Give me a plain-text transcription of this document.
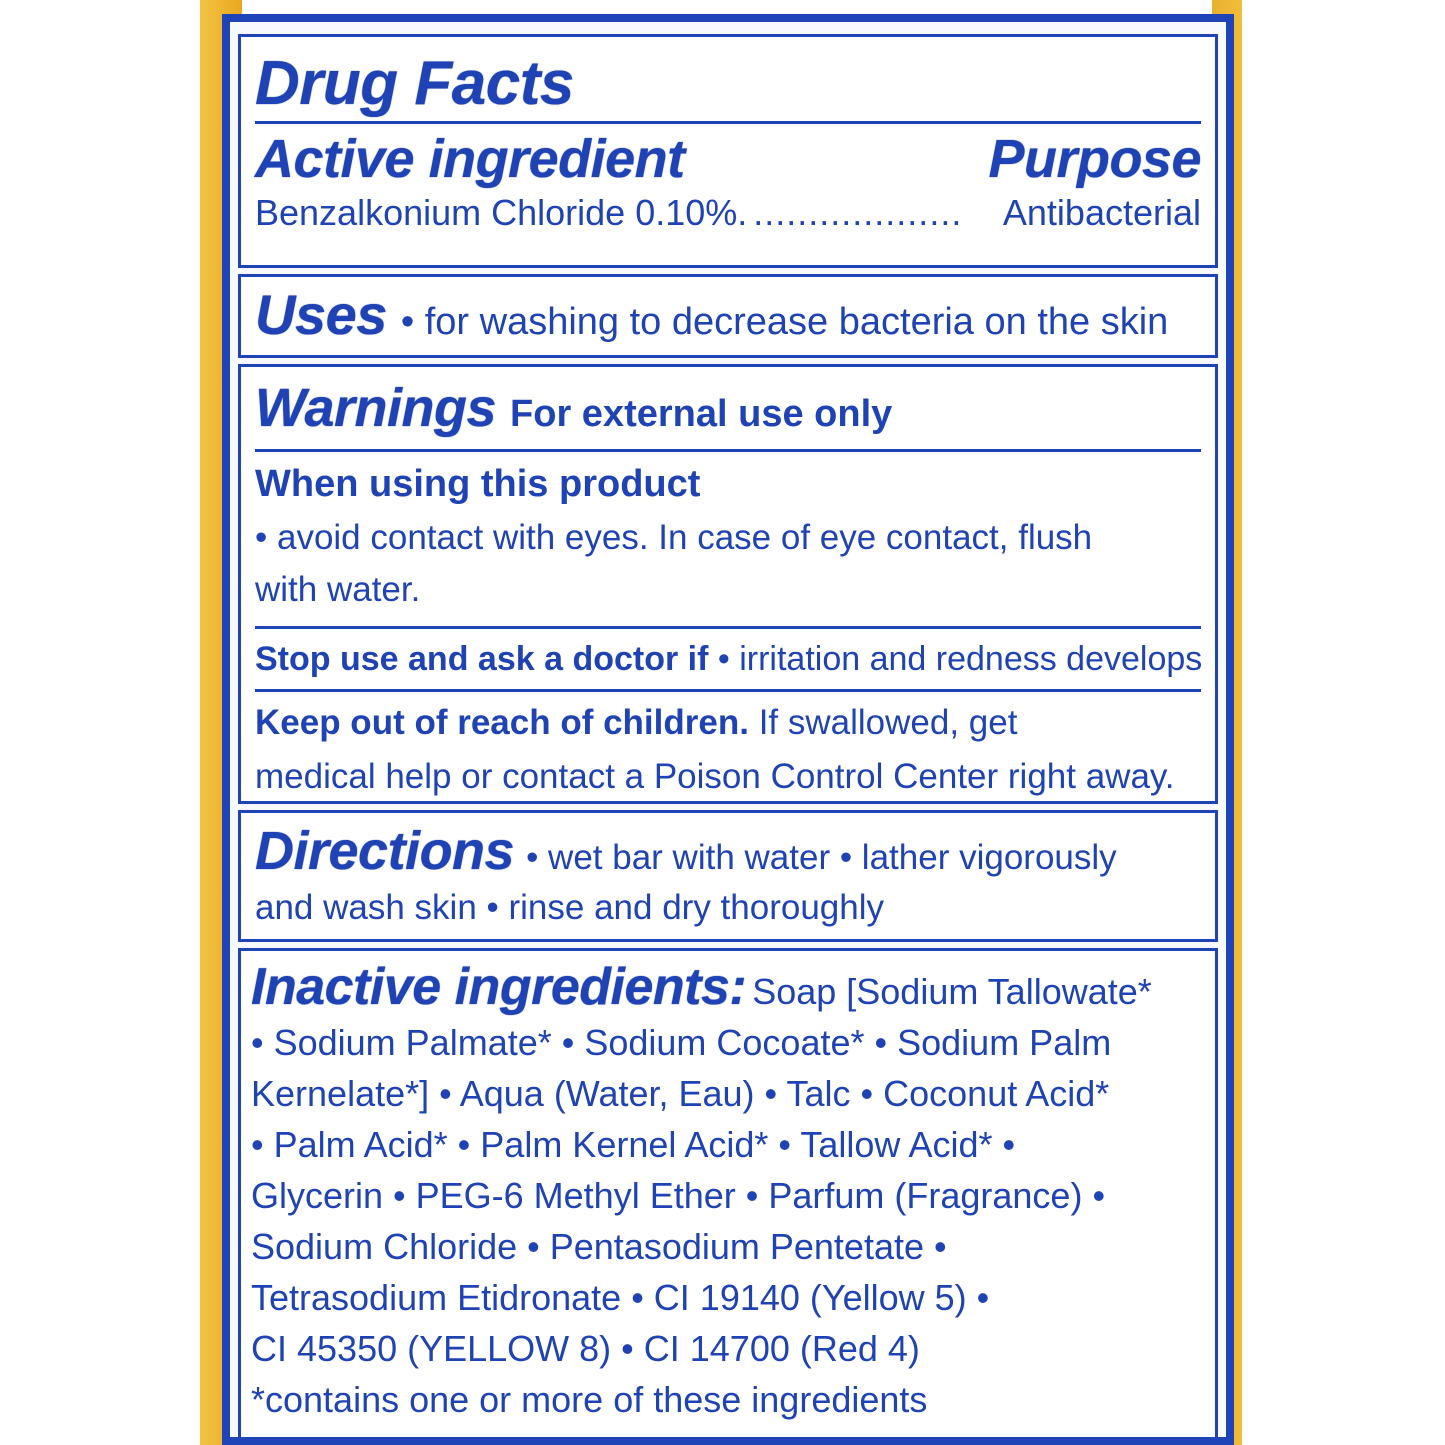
Drug Facts
Active ingredient	Purpose
Benzalkonium Chloride 0.10%. ...................	Antibacterial
Uses • for washing to decrease bacteria on the skin
Warnings For external use only

When using this product

• avoid contact with eyes. In case of eye contact, flush

with water.

Stop use and ask a doctor if • irritation and redness develops

Keep out of reach of children. If swallowed, get

medical help or contact a Poison Control Center right away.

Directions • wet bar with water • lather vigorously

and wash skin • rinse and dry thoroughly

Inactive ingredients: Soap [Sodium Tallowate*

• Sodium Palmate* • Sodium Cocoate* • Sodium Palm

Kernelate*] • Aqua (Water, Eau) • Talc • Coconut Acid*

• Palm Acid* • Palm Kernel Acid* • Tallow Acid* •

Glycerin • PEG-6 Methyl Ether • Parfum (Fragrance) •

Sodium Chloride • Pentasodium Pentetate •

Tetrasodium Etidronate • CI 19140 (Yellow 5) •

CI 45350 (YELLOW 8) • CI 14700 (Red 4)

*contains one or more of these ingredients
